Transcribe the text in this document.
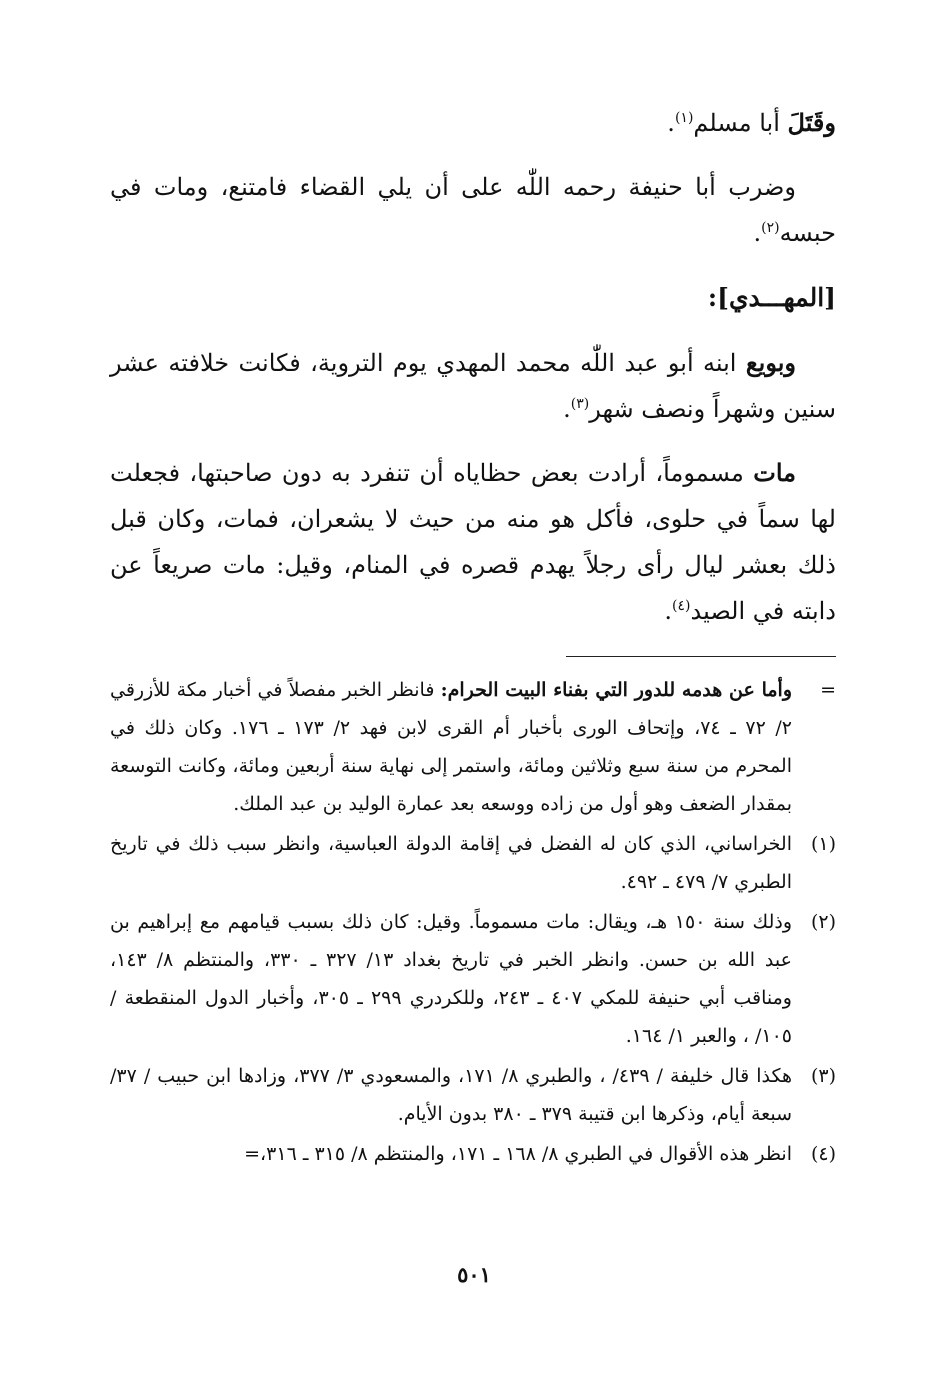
وقَتَلَ أبا مسلم$^{(١)}$.

وضرب أبا حنيفة رحمه اللّٰه على أن يلي القضاء فامتنع، ومات في حبسه$^{(٢)}$.

[المهـــدي]:

وبويع ابنه أبو عبد اللّٰه محمد المهدي يوم التروية، فكانت خلافته عشر سنين وشهراً ونصف شهر$^{(٣)}$.

مات مسموماً، أرادت بعض حظاياه أن تنفرد به دون صاحبتها، فجعلت لها سماً في حلوى، فأكل هو منه من حيث لا يشعران، فمات، وكان قبل ذلك بعشر ليال رأى رجلاً يهدم قصره في المنام، وقيل: مات صريعاً عن دابته في الصيد$^{(٤)}$.

=
وأما عن هدمه للدور التي بفناء البيت الحرام: فانظر الخبر مفصلاً في أخبار مكة للأزرقي ٢/ ٧٢ ـ ٧٤، وإتحاف الورى بأخبار أم القرى لابن فهد ٢/ ١٧٣ ـ ١٧٦. وكان ذلك في المحرم من سنة سبع وثلاثين ومائة، واستمر إلى نهاية سنة أربعين ومائة، وكانت التوسعة بمقدار الضعف وهو أول من زاده ووسعه بعد عمارة الوليد بن عبد الملك.
(١)
الخراساني، الذي كان له الفضل في إقامة الدولة العباسية، وانظر سبب ذلك في تاريخ الطبري ٧/ ٤٧٩ ـ ٤٩٢.
(٢)
وذلك سنة ١٥٠ هـ، ويقال: مات مسموماً. وقيل: كان ذلك بسبب قيامهم مع إبراهيم بن عبد الله بن حسن. وانظر الخبر في تاريخ بغداد ١٣/ ٣٢٧ ـ ٣٣٠، والمنتظم ٨/ ١٤٣، ومناقب أبي حنيفة للمكي ٤٠٧ ـ ٢٤٣، وللكردري ٢٩٩ ـ ٣٠٥، وأخبار الدول المنقطعة / ١٠٥/ ، والعبر ١/ ١٦٤.
(٣)
هكذا قال خليفة / ٤٣٩/ ، والطبري ٨/ ١٧١، والمسعودي ٣/ ٣٧٧، وزادها ابن حبيب / ٣٧/ سبعة أيام، وذكرها ابن قتيبة ٣٧٩ ـ ٣٨٠ بدون الأيام.
(٤)
انظر هذه الأقوال في الطبري ٨/ ١٦٨ ـ ١٧١، والمنتظم ٨/ ٣١٥ ـ ٣١٦،=
٥٠١
